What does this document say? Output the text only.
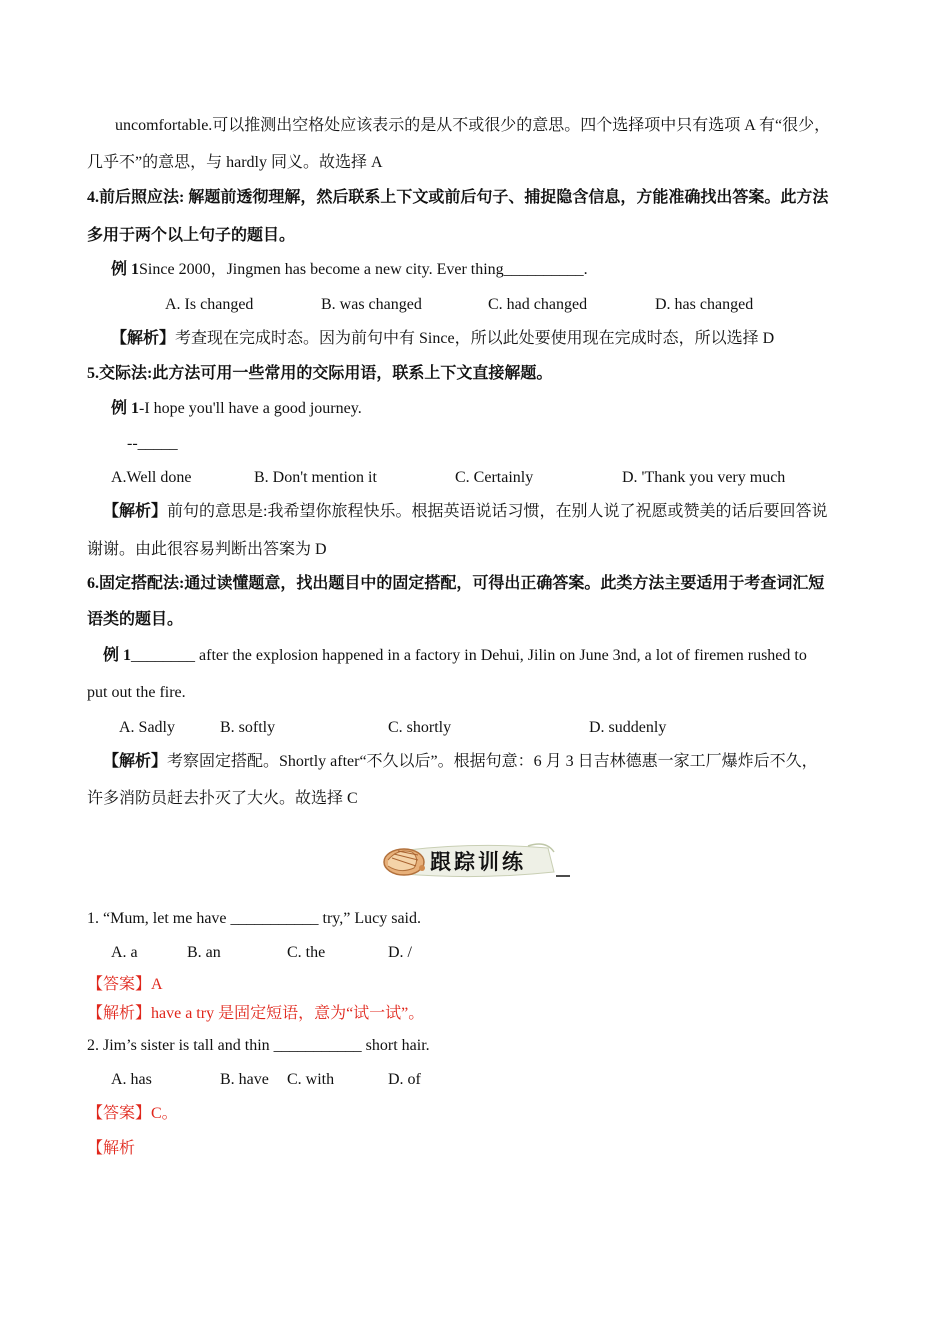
uncomfortable.可以推测出空格处应该表示的是从不或很少的意思。四个选择项中只有选项 A 有“很少，
几乎不”的意思，与 hardly 同义。故选择 A
4.前后照应法: 解题前透彻理解，然后联系上下文或前后句子、捕捉隐含信息，方能准确找出答案。此方法
多用于两个以上句子的题目。
例 1Since 2000，Jingmen has become a new city. Ever thing__________.
A. Is changed	B. was changed	C. had changed	D. has changed
【解析】考查现在完成时态。因为前句中有 Since，所以此处要使用现在完成时态，所以选择 D
5.交际法:此方法可用一些常用的交际用语，联系上下文直接解题。
例 1-I hope you'll have a good journey.
--_____
A.Well done	B. Don't mention it	C. Certainly	D. 'Thank you very much
【解析】前句的意思是:我希望你旅程快乐。根据英语说话习惯，在别人说了祝愿或赞美的话后要回答说
谢谢。由此很容易判断出答案为 D
6.固定搭配法:通过读懂题意，找出题目中的固定搭配，可得出正确答案。此类方法主要适用于考查词汇短
语类的题目。
例 1________ after the explosion happened in a factory in Dehui, Jilin on June 3nd, a lot of firemen rushed to
put out the fire.
A. Sadly	B. softly	C. shortly	D. suddenly
【解析】考察固定搭配。Shortly after“不久以后”。根据句意：6 月 3 日吉林德惠一家工厂爆炸后不久，
许多消防员赶去扑灭了大火。故选择 C
跟踪训练
1. “Mum, let me have ___________ try,” Lucy said.
A. a	B. an	C. the	D. /
【答案】A
【解析】have a try 是固定短语，意为“试一试”。
2. Jim’s sister is tall and thin ___________ short hair.
A. has	B. have C. with	D. of
【答案】C。
【解析
